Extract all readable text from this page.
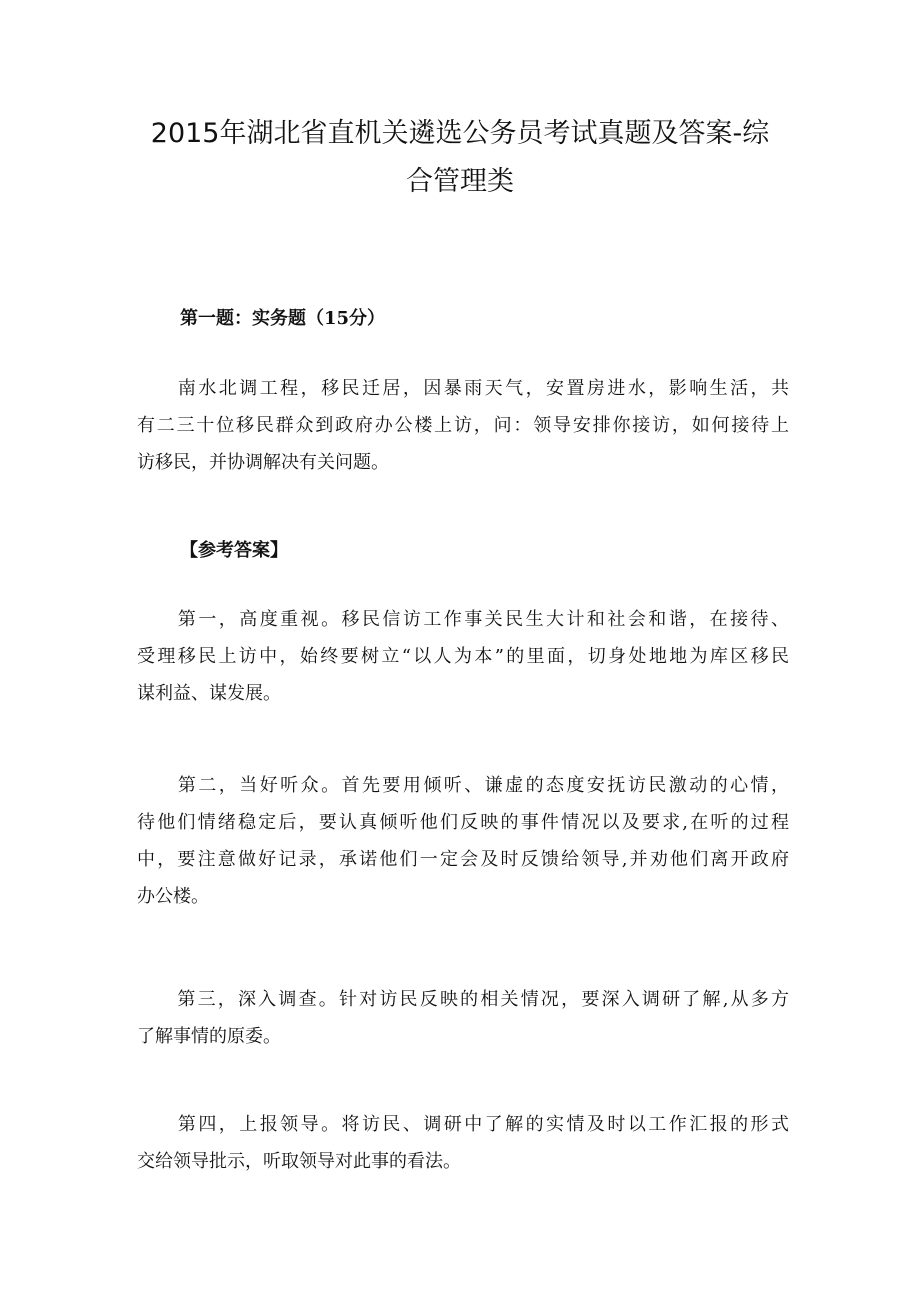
2015年湖北省直机关遴选公务员考试真题及答案-综
合管理类
第一题：实务题（15分）
　　南水北调工程，移民迁居，因暴雨天气，安置房进水，影响生活，共
有二三十位移民群众到政府办公楼上访，问：领导安排你接访，如何接待上
访移民，并协调解决有关问题。
【参考答案】
　　第一，高度重视。移民信访工作事关民生大计和社会和谐，在接待、
受理移民上访中，始终要树立“以人为本”的里面，切身处地地为库区移民
谋利益、谋发展。
　　第二，当好听众。首先要用倾听、谦虚的态度安抚访民激动的心情，
待他们情绪稳定后，要认真倾听他们反映的事件情况以及要求,在听的过程
中，要注意做好记录，承诺他们一定会及时反馈给领导,并劝他们离开政府
办公楼。
　　第三，深入调查。针对访民反映的相关情况，要深入调研了解,从多方
了解事情的原委。
　　第四，上报领导。将访民、调研中了解的实情及时以工作汇报的形式
交给领导批示，听取领导对此事的看法。
